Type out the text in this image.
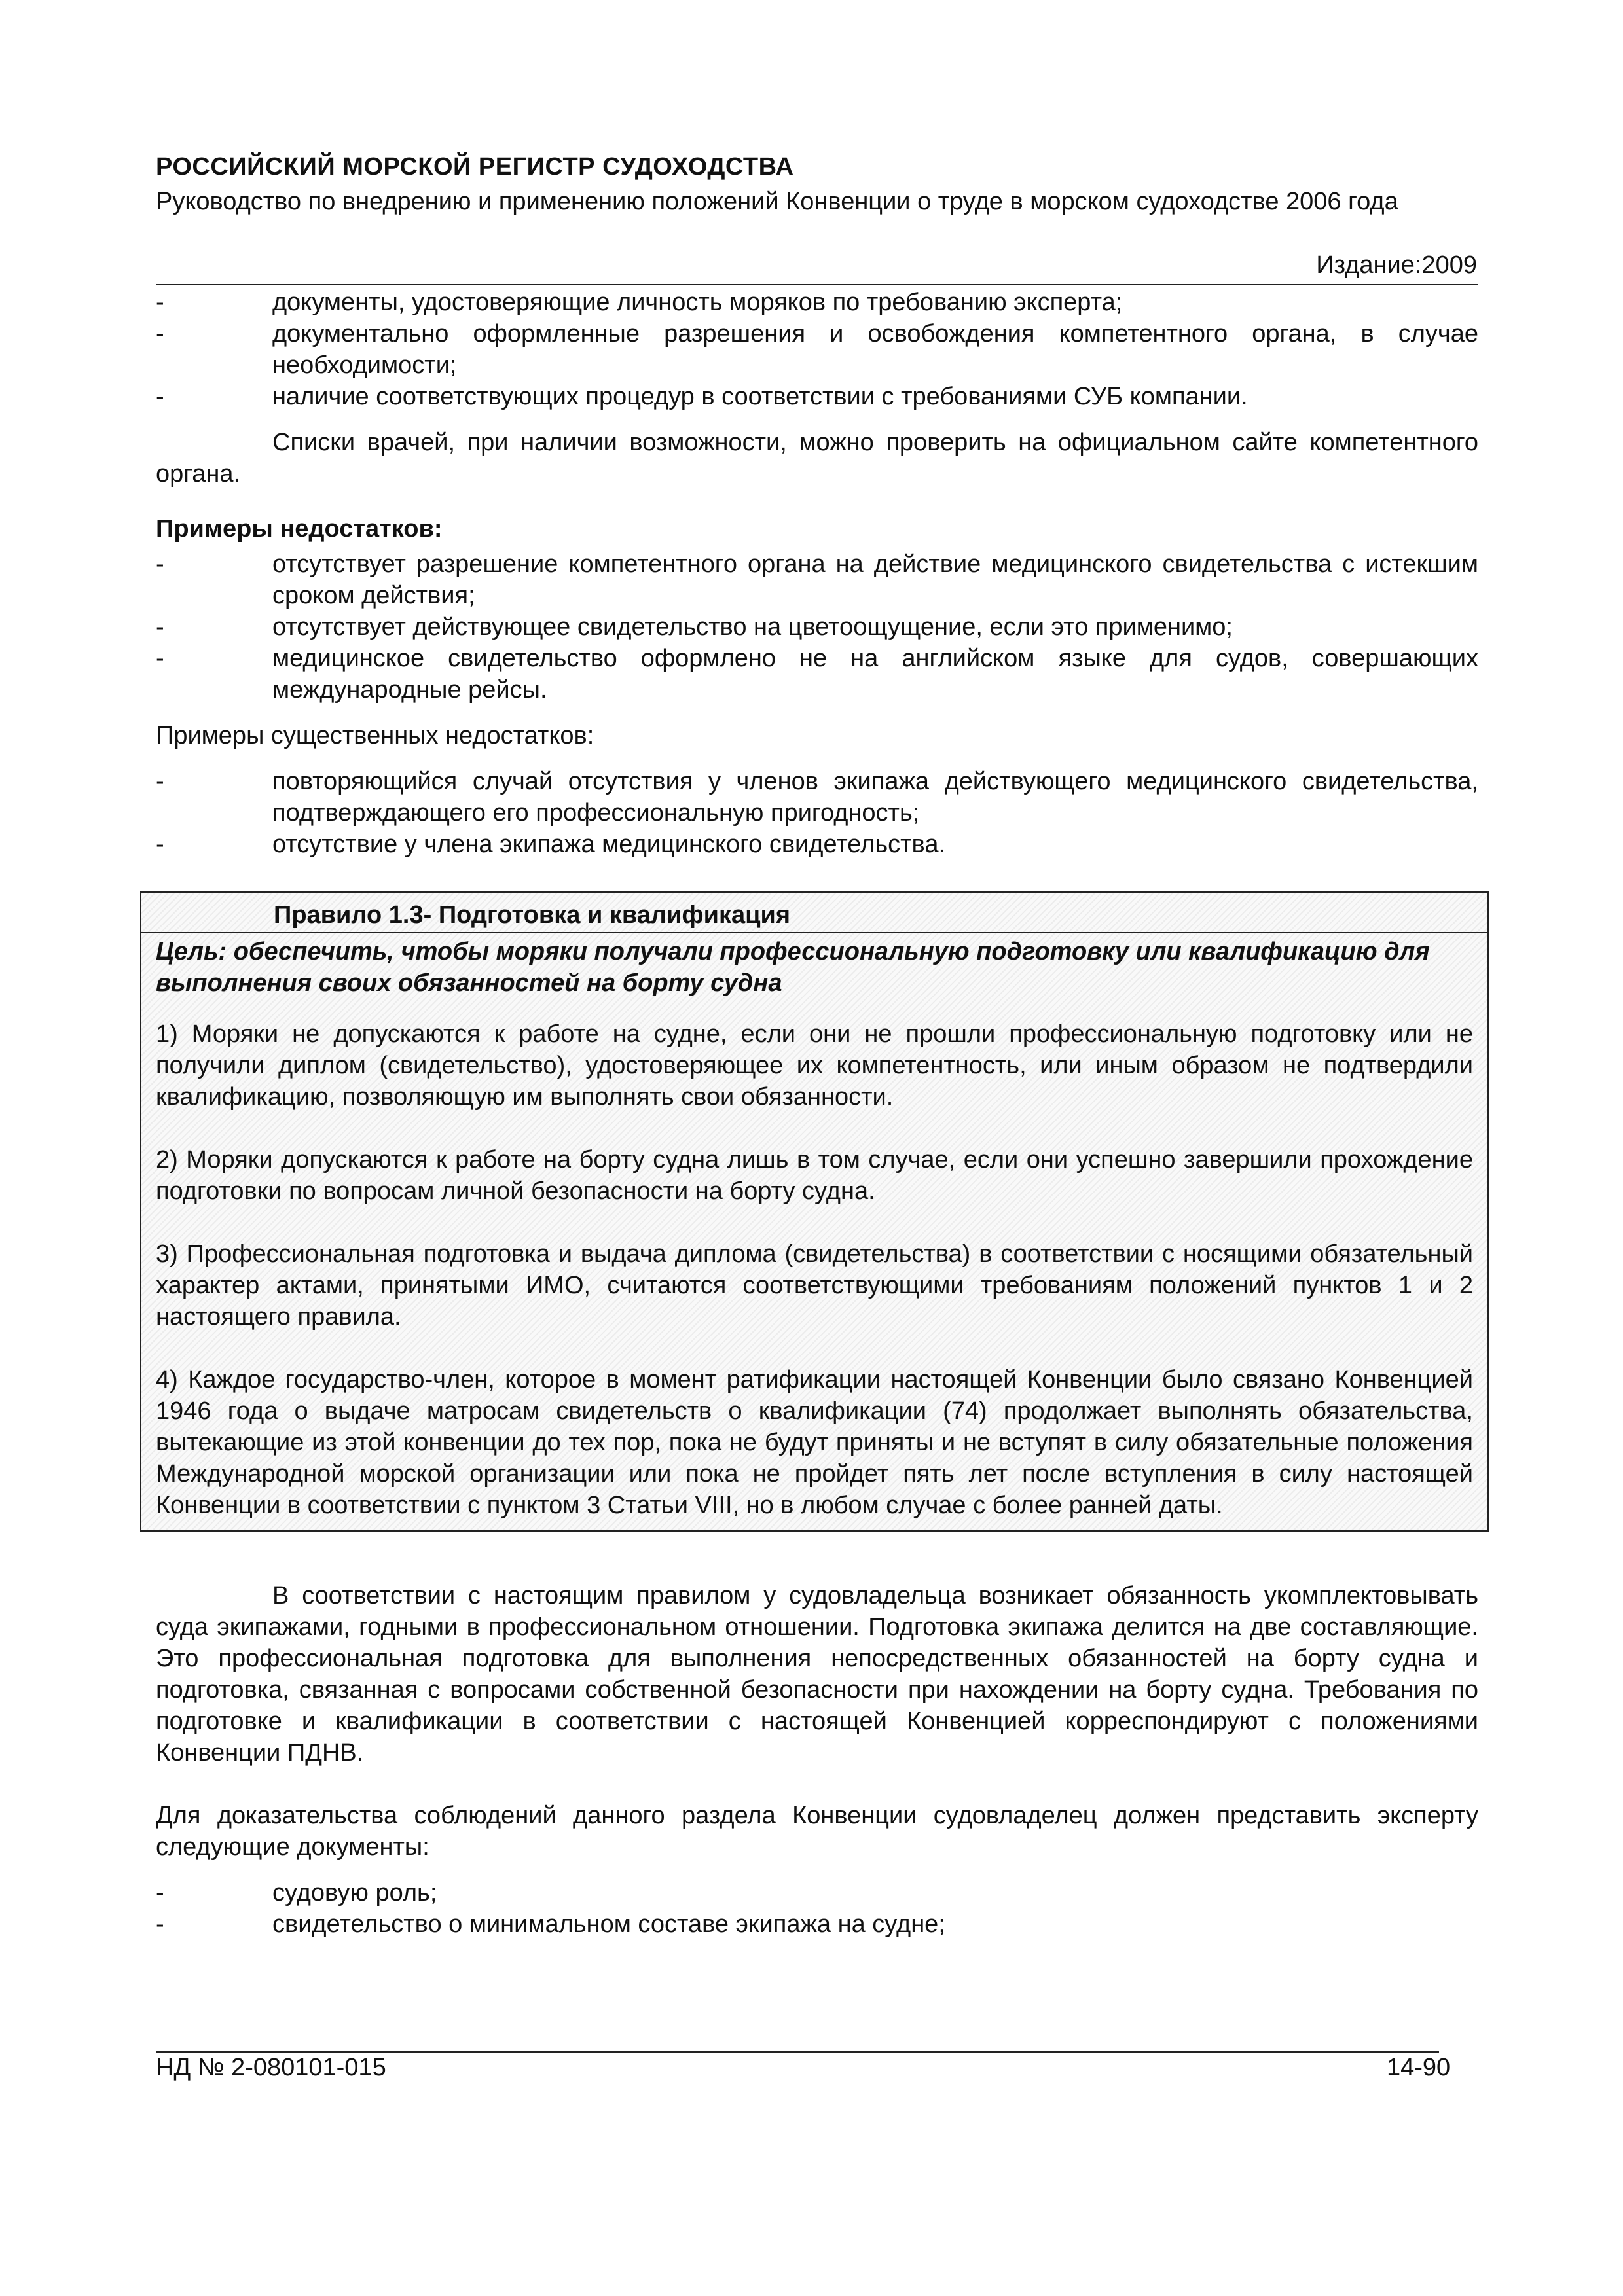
РОССИЙСКИЙ МОРСКОЙ РЕГИСТР СУДОХОДСТВА
Руководство по внедрению и применению положений Конвенции о труде в морском судоходстве 2006 года
Издание:2009
-	документы, удостоверяющие личность моряков по требованию эксперта;
-	документально оформленные разрешения и освобождения компетентного органа, в случае необходимости;
-	наличие соответствующих процедур в соответствии с требованиями СУБ компании.

Списки врачей, при наличии возможности, можно проверить на официальном сайте компетентного органа.

Примеры недостатков:

-	отсутствует разрешение компетентного органа на действие медицинского свидетельства с истекшим сроком действия;
-	отсутствует действующее свидетельство на цветоощущение, если это применимо;
-	медицинское свидетельство оформлено не на английском языке для судов, совершающих международные рейсы.

Примеры существенных недостатков:

-	повторяющийся случай отсутствия у членов экипажа действующего медицинского свидетельства, подтверждающего его профессиональную пригодность;
-	отсутствие у члена экипажа медицинского свидетельства.
Правило 1.3- Подготовка и квалификация
Цель: обеспечить, чтобы моряки получали профессиональную подготовку или квалификацию для выполнения своих обязанностей на борту судна

1) Моряки не допускаются к работе на судне, если они не прошли профессиональную подготовку или не получили диплом (свидетельство), удостоверяющее их компетентность, или иным образом не подтвердили квалификацию, позволяющую им выполнять свои обязанности.

2) Моряки допускаются к работе на борту судна лишь в том случае, если они успешно завершили прохождение подготовки по вопросам личной безопасности на борту судна.

3) Профессиональная подготовка и выдача диплома (свидетельства) в соответствии с носящими обязательный характер актами, принятыми ИМО, считаются соответствующими требованиям положений пунктов 1 и 2 настоящего правила.

4) Каждое государство-член, которое в момент ратификации настоящей Конвенции было связано Конвенцией 1946 года о выдаче матросам свидетельств о квалификации (74) продолжает выполнять обязательства, вытекающие из этой конвенции до тех пор, пока не будут приняты и не вступят в силу обязательные положения Международной морской организации или пока не пройдет пять лет после вступления в силу настоящей Конвенции в соответствии с пунктом 3 Статьи VIII, но в любом случае с более ранней даты.

В соответствии с настоящим правилом у судовладельца возникает обязанность укомплектовывать суда экипажами, годными в профессиональном отношении. Подготовка экипажа делится на две составляющие. Это профессиональная подготовка для выполнения непосредственных обязанностей на борту судна и подготовка, связанная с вопросами собственной безопасности при нахождении на борту судна. Требования по подготовке и квалификации в соответствии с настоящей Конвенцией корреспондируют с положениями Конвенции ПДНВ.

Для доказательства соблюдений данного раздела Конвенции судовладелец должен представить эксперту следующие документы:

-	судовую роль;
-	свидетельство о минимальном составе экипажа на судне;
НД № 2-080101-015	14-90
